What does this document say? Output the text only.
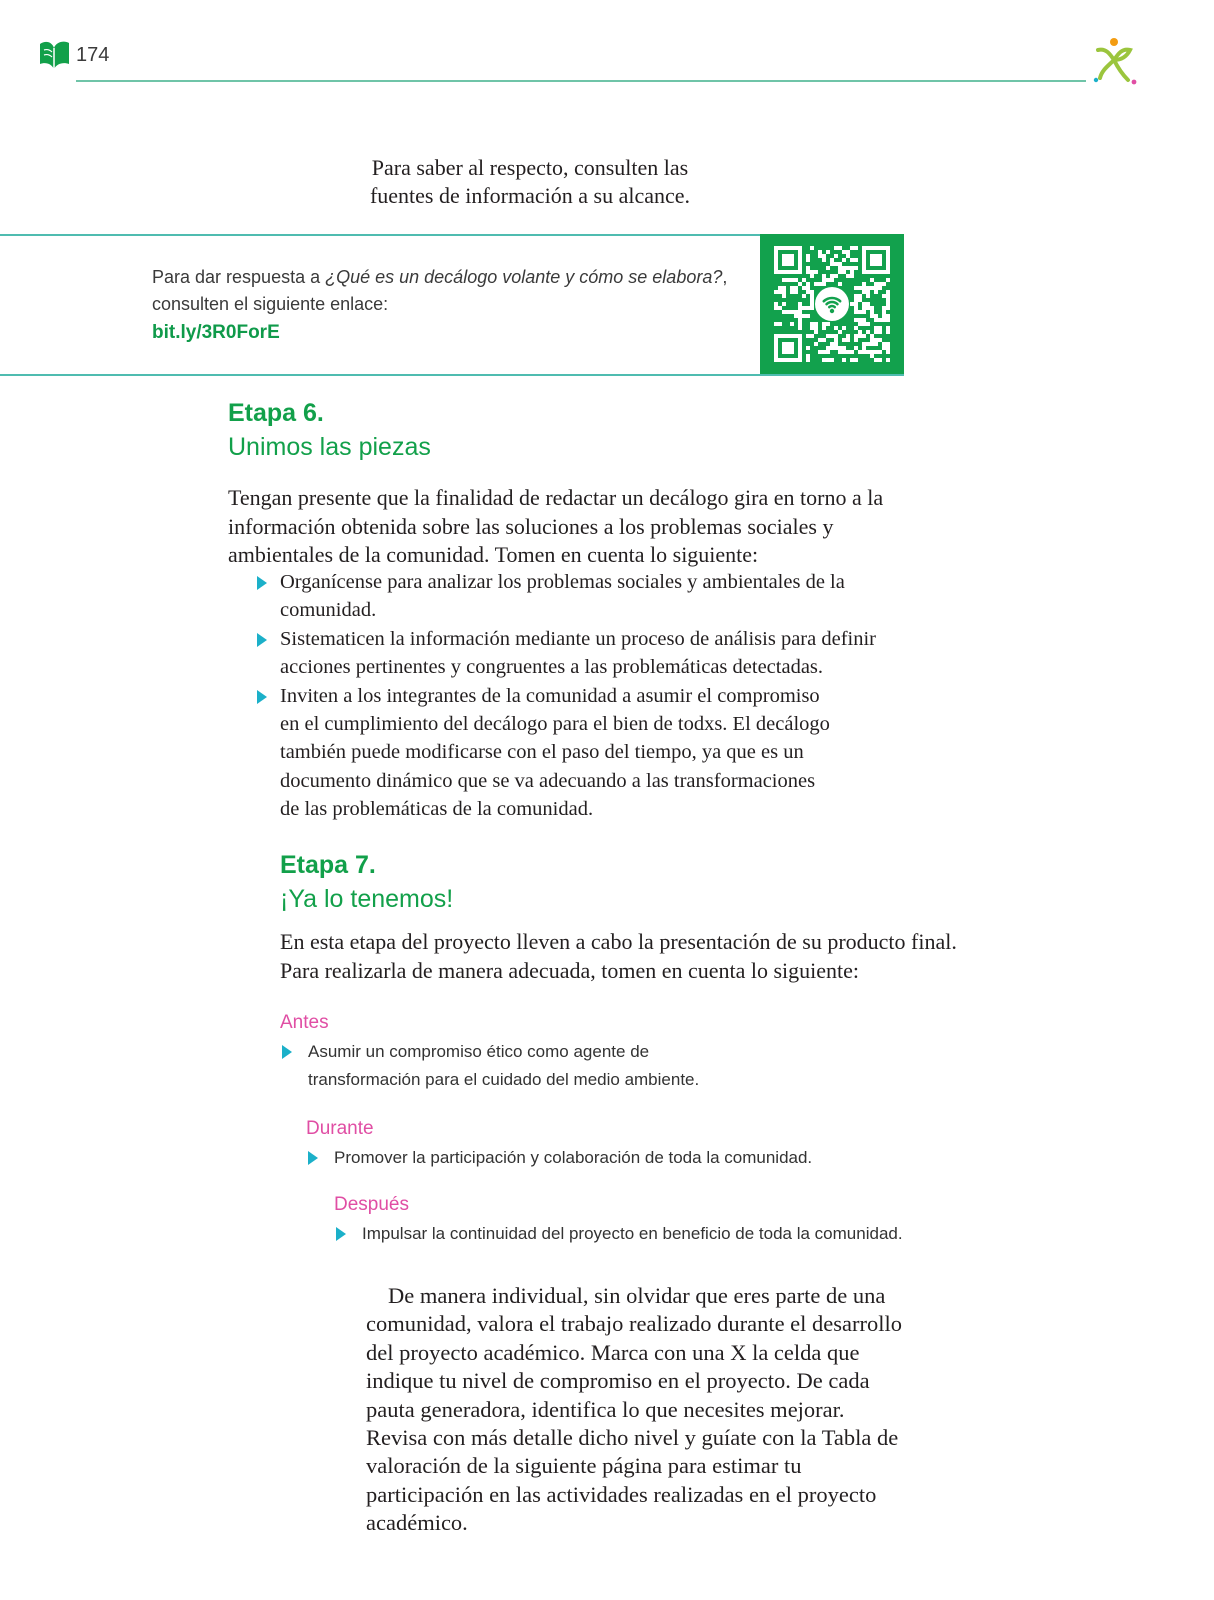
174
Para saber al respecto, consulten las
fuentes de información a su alcance.
Para dar respuesta a ¿Qué es un decálogo volante y cómo se elabora?, consulten el siguiente enlace:
bit.ly/3R0ForE
Etapa 6.
Unimos las piezas
Tengan presente que la finalidad de redactar un decálogo gira en torno a la información obtenida sobre las soluciones a los problemas sociales y ambientales de la comunidad. Tomen en cuenta lo siguiente:
Organícense para analizar los problemas sociales y ambientales de la comunidad.
Sistematicen la información mediante un proceso de análisis para definir acciones pertinentes y congruentes a las problemáticas detectadas.
Inviten a los integrantes de la comunidad a asumir el compromiso en el cumplimiento del decálogo para el bien de todxs. El decálogo también puede modificarse con el paso del tiempo, ya que es un documento dinámico que se va adecuando a las transformaciones de las problemáticas de la comunidad.
Etapa 7.
¡Ya lo tenemos!
En esta etapa del proyecto lleven a cabo la presentación de su producto final. Para realizarla de manera adecuada, tomen en cuenta lo siguiente:
Antes
Asumir un compromiso ético como agente de transformación para el cuidado del medio ambiente.
Durante
Promover la participación y colaboración de toda la comunidad.
Después
Impulsar la continuidad del proyecto en beneficio de toda la comunidad.
De manera individual, sin olvidar que eres parte de una comunidad, valora el trabajo realizado durante el desarrollo del proyecto académico. Marca con una X la celda que indique tu nivel de compromiso en el proyecto. De cada pauta generadora, identifica lo que necesites mejorar. Revisa con más detalle dicho nivel y guíate con la Tabla de valoración de la siguiente página para estimar tu participación en las actividades realizadas en el proyecto académico.
